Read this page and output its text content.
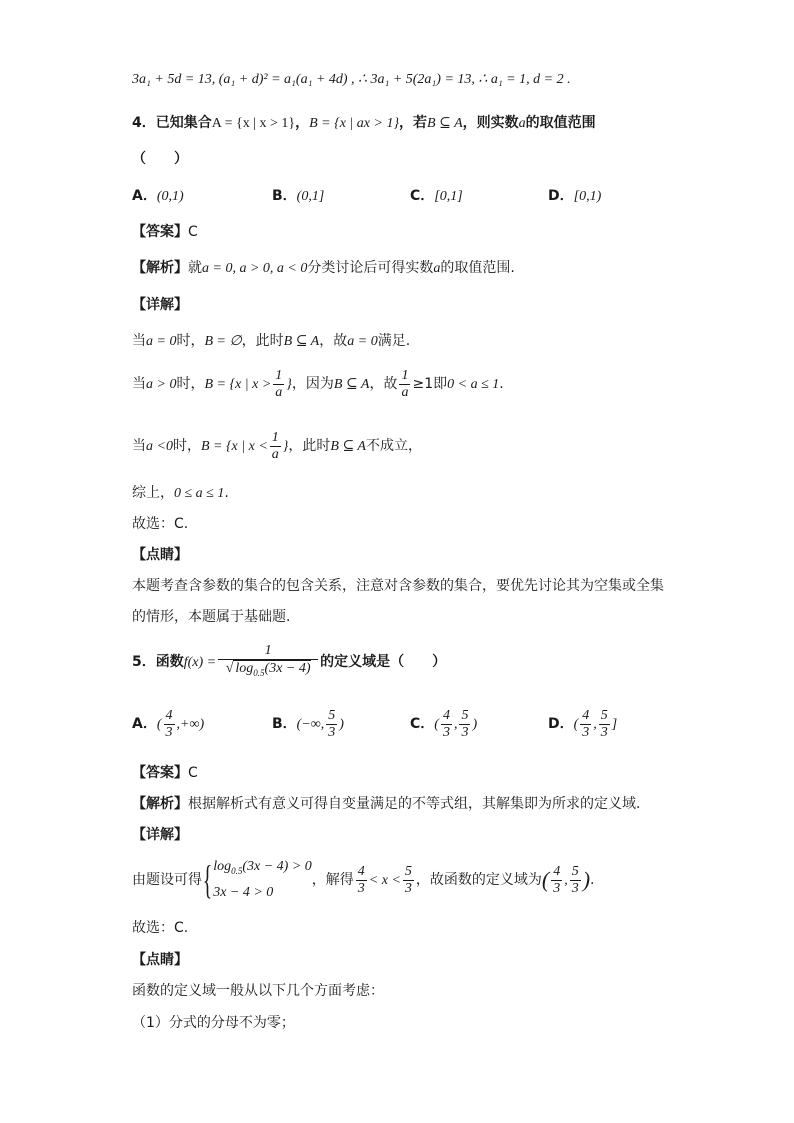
3a₁ + 5d = 13, (a₁ + d)² = a₁(a₁ + 4d) , ∴ 3a₁ + 5(2a₁) = 13, ∴ a₁ = 1, d = 2 .
4．已知集合A = {x | x > 1}，B = {x | ax > 1}，若B ⊆ A，则实数a的取值范围
（　　）
A．(0,1)	B．(0,1]	C．[0,1]	D．[0,1)
【答案】C
【解析】就a = 0, a > 0, a < 0分类讨论后可得实数a的取值范围.
【详解】
当a = 0时，B = ∅，此时B ⊆ A，故a = 0满足.
当a > 0时，B = {x | $x > \frac{1}{a}$ }，因为B ⊆ A，故 $\frac{1}{a} \ge 1$即0 < a ≤ 1.
当a <0时，B = {x | $x < \frac{1}{a}$ }，此时B ⊆ A不成立，
综上，0 ≤ a ≤ 1.
故选：C.
【点睛】
本题考查含参数的集合的包含关系，注意对含参数的集合，要优先讨论其为空集或全集
的情形，本题属于基础题.
5．函数$f(x) = \frac{1}{√ \log_{0.5}(3x - 4)}$ 的定义域是（　　）
A．( $\frac{4}{3}$ ,+∞)	B．(−∞, $\frac{5}{3}$ )	C．( $\frac{4}{3}$ , $\frac{5}{3}$ )	D．( $\frac{4}{3}$ , $\frac{5}{3}$ ]
【答案】C
【解析】根据解析式有意义可得自变量满足的不等式组，其解集即为所求的定义域.
【详解】
由题设可得{ $\log_{0.5}(3x - 4) > 0$
3x − 4 > 0
，解得 $\frac{4}{3} < x < \frac{5}{3}$ ，故函数的定义域为( $\frac{4}{3}$ , $\frac{5}{3}$ ).
故选：C.
【点睛】
函数的定义域一般从以下几个方面考虑：
（1）分式的分母不为零；
